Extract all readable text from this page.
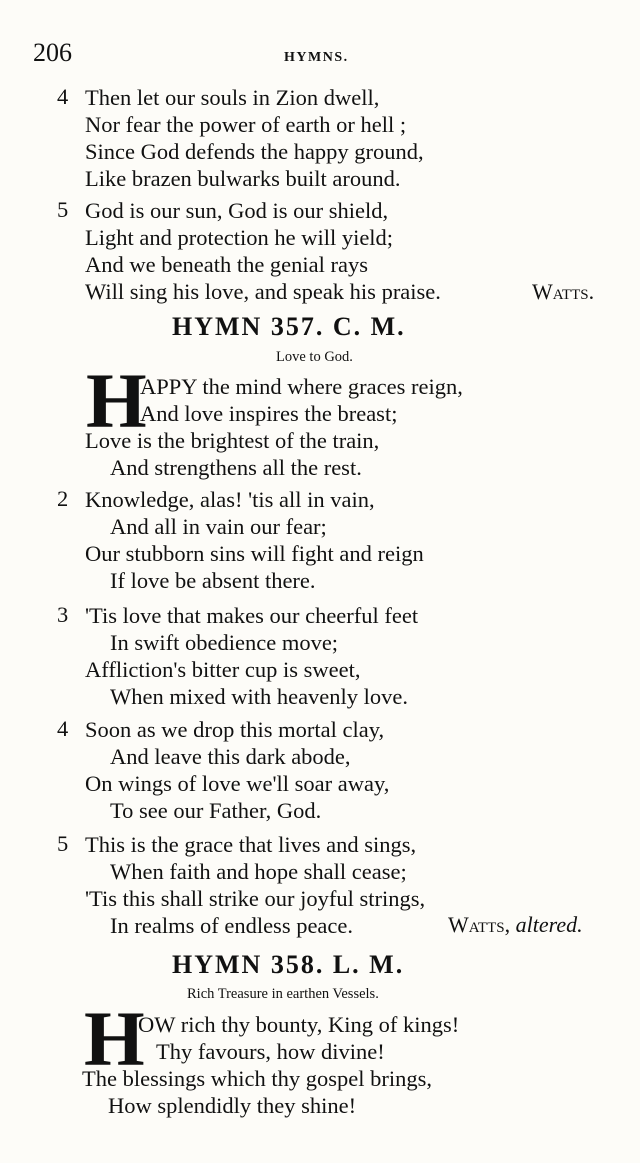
206	HYMNS.
4 Then let our souls in Zion dwell,
Nor fear the power of earth or hell ;
Since God defends the happy ground,
Like brazen bulwarks built around.
5 God is our sun, God is our shield,
Light and protection he will yield;
And we beneath the genial rays
Will sing his love, and speak his praise.	Watts.
HYMN 357. C. M.
Love to God.
H
APPY the mind where graces reign,
And love inspires the breast;
Love is the brightest of the train,
And strengthens all the rest.
2 Knowledge, alas! 'tis all in vain,
And all in vain our fear;
Our stubborn sins will fight and reign
If love be absent there.
3 'Tis love that makes our cheerful feet
In swift obedience move;
Affliction's bitter cup is sweet,
When mixed with heavenly love.
4 Soon as we drop this mortal clay,
And leave this dark abode,
On wings of love we'll soar away,
To see our Father, God.
5 This is the grace that lives and sings,
When faith and hope shall cease;
'Tis this shall strike our joyful strings,
In realms of endless peace.	Watts, altered.
HYMN 358. L. M.
Rich Treasure in earthen Vessels.
H
OW rich thy bounty, King of kings!
Thy favours, how divine!
The blessings which thy gospel brings,
How splendidly they shine!
